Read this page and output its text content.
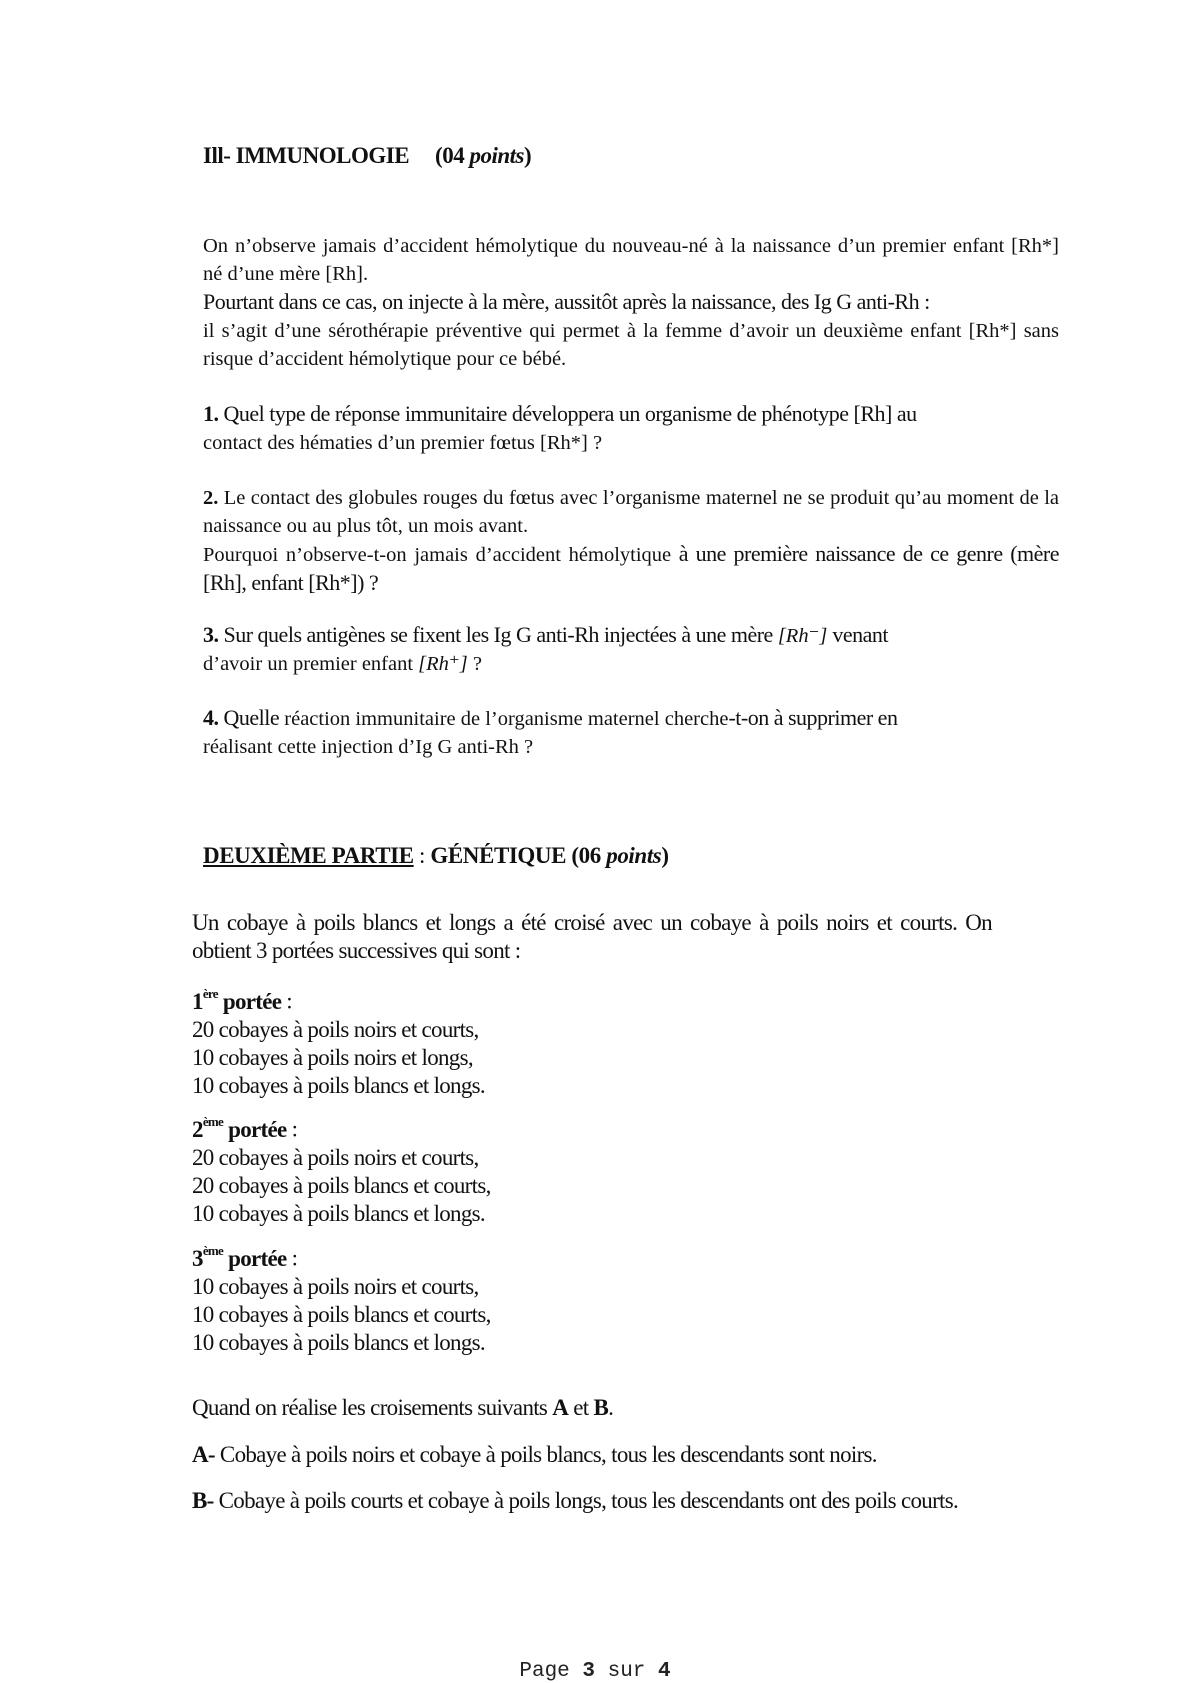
Ill- IMMUNOLOGIE (04 points)
On n’observe jamais d’accident hémolytique du nouveau-né à la naissance d’un premier enfant [Rh*] né d’une mère [Rh].
Pourtant dans ce cas, on injecte à la mère, aussitôt après la naissance, des Ig G anti-Rh :
il s’agit d’une sérothérapie préventive qui permet à la femme d’avoir un deuxième enfant [Rh*] sans risque d’accident hémolytique pour ce bébé.
1. Quel type de réponse immunitaire développera un organisme de phénotype [Rh] au
contact des hématies d’un premier fœtus [Rh*] ?
2. Le contact des globules rouges du fœtus avec l’organisme maternel ne se produit qu’au moment de la naissance ou au plus tôt, un mois avant.
Pourquoi n’observe-t-on jamais d’accident hémolytique à une première naissance de ce genre (mère [Rh], enfant [Rh*]) ?
3. Sur quels antigènes se fixent les Ig G anti-Rh injectées à une mère [Rh⁻] venant
d’avoir un premier enfant [Rh⁺] ?
4. Quelle réaction immunitaire de l’organisme maternel cherche-t-on à supprimer en
réalisant cette injection d’Ig G anti-Rh ?
DEUXIÈME PARTIE : GÉNÉTIQUE (06 points)
Un cobaye à poils blancs et longs a été croisé avec un cobaye à poils noirs et courts. On obtient 3 portées successives qui sont :
1ère portée :
20 cobayes à poils noirs et courts,
10 cobayes à poils noirs et longs,
10 cobayes à poils blancs et longs.
2ème portée :
20 cobayes à poils noirs et courts,
20 cobayes à poils blancs et courts,
10 cobayes à poils blancs et longs.
3ème portée :
10 cobayes à poils noirs et courts,
10 cobayes à poils blancs et courts,
10 cobayes à poils blancs et longs.
Quand on réalise les croisements suivants A et B.
A- Cobaye à poils noirs et cobaye à poils blancs, tous les descendants sont noirs.
B- Cobaye à poils courts et cobaye à poils longs, tous les descendants ont des poils courts.
Page 3 sur 4
